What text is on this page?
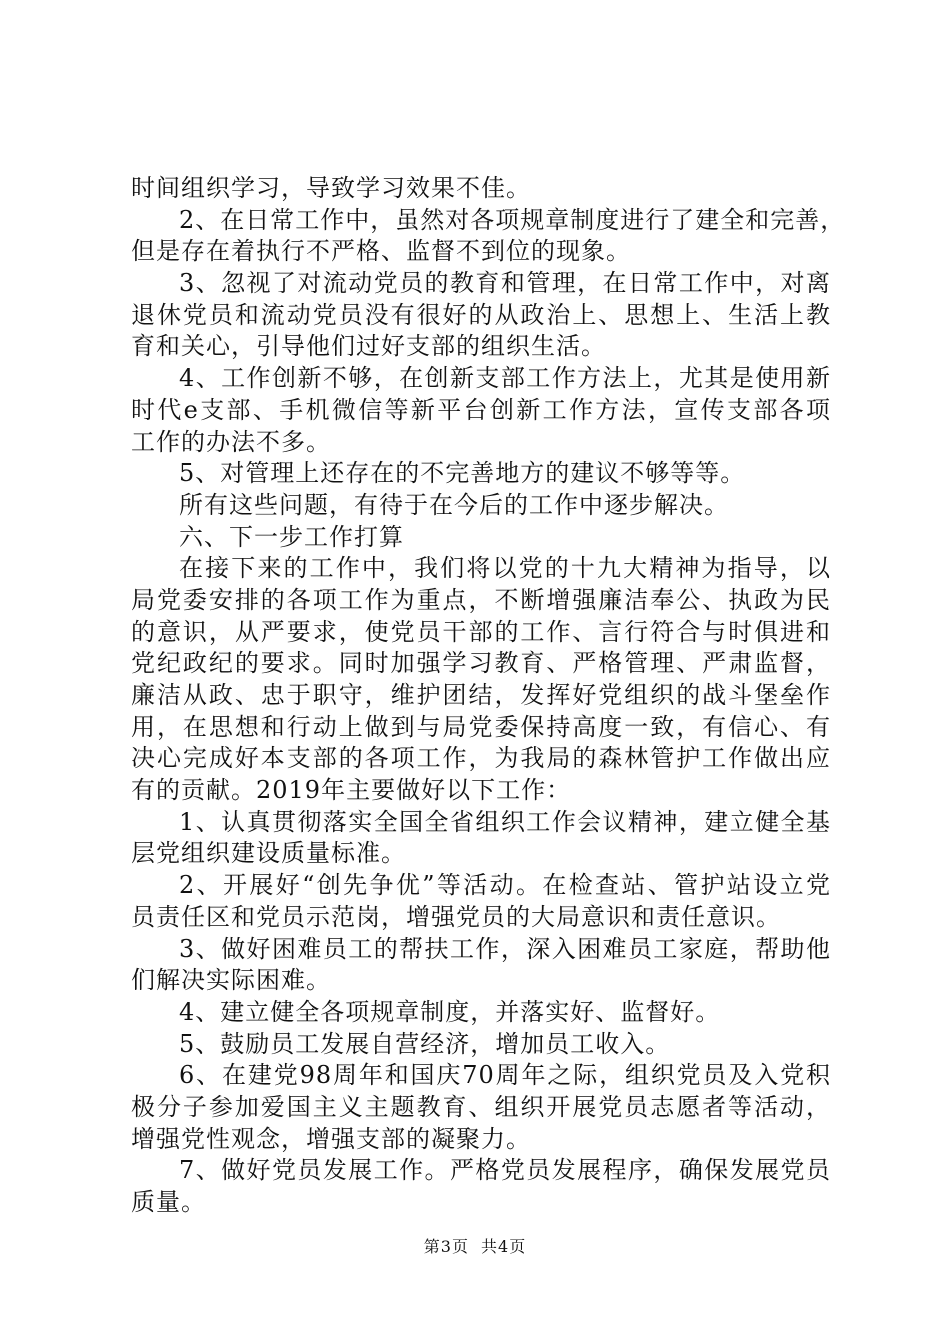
时间组织学习，导致学习效果不佳。
2、在日常工作中，虽然对各项规章制度进行了建全和完善，
但是存在着执行不严格、监督不到位的现象。
3、忽视了对流动党员的教育和管理，在日常工作中，对离
退休党员和流动党员没有很好的从政治上、思想上、生活上教
育和关心，引导他们过好支部的组织生活。
4、工作创新不够，在创新支部工作方法上，尤其是使用新
时代e支部、手机微信等新平台创新工作方法，宣传支部各项
工作的办法不多。
5、对管理上还存在的不完善地方的建议不够等等。
所有这些问题，有待于在今后的工作中逐步解决。
六、下一步工作打算
在接下来的工作中，我们将以党的十九大精神为指导，以
局党委安排的各项工作为重点，不断增强廉洁奉公、执政为民
的意识，从严要求，使党员干部的工作、言行符合与时俱进和
党纪政纪的要求。同时加强学习教育、严格管理、严肃监督，
廉洁从政、忠于职守，维护团结，发挥好党组织的战斗堡垒作
用，在思想和行动上做到与局党委保持高度一致，有信心、有
决心完成好本支部的各项工作，为我局的森林管护工作做出应
有的贡献。2019年主要做好以下工作：
1、认真贯彻落实全国全省组织工作会议精神，建立健全基
层党组织建设质量标准。
2、开展好“创先争优”等活动。在检查站、管护站设立党
员责任区和党员示范岗，增强党员的大局意识和责任意识。
3、做好困难员工的帮扶工作，深入困难员工家庭，帮助他
们解决实际困难。
4、建立健全各项规章制度，并落实好、监督好。
5、鼓励员工发展自营经济，增加员工收入。
6、在建党98周年和国庆70周年之际，组织党员及入党积
极分子参加爱国主义主题教育、组织开展党员志愿者等活动，
增强党性观念，增强支部的凝聚力。
7、做好党员发展工作。严格党员发展程序，确保发展党员
质量。
第3页 共4页
